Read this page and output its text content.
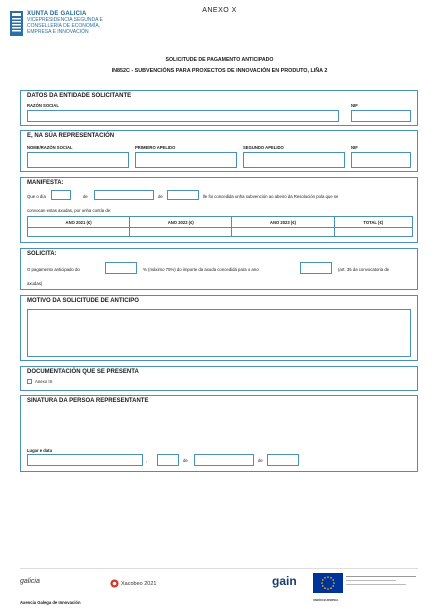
XUNTA DE GALICIA
VICEPRESIDENCIA SEGUNDA E
CONSELLERÍA DE ECONOMÍA,
EMPRESA E INNOVACIÓN
ANEXO X
SOLICITUDE DE PAGAMENTO ANTICIPADO
IN852C - SUBVENCIÓNS PARA PROXECTOS DE INNOVACIÓN EN PRODUTO, LIÑA 2
DATOS DA ENTIDADE SOLICITANTE
RAZÓN SOCIAL	NIF
E, NA SÚA REPRESENTACIÓN
NOME/RAZÓN SOCIAL	PRIMEIRO APELIDO	SEGUNDO APELIDO	NIF
MANIFESTA:
Que o día	de	de	lle foi concedida unha subvención ao abeiro da Resolución pola que se
convocan estas axudas, por unha contía de:
ANO 2021 (€)	ANO 2022 (€)	ANO 2023 (€)	TOTAL (€)

SOLICITA:
O pagamento anticipado do	% (máximo 75%) do importe da axuda concedida para o ano	(art. 35 da convocatoria de
axudas)
MOTIVO DA SOLICITUDE DE ANTICIPO
DOCUMENTACIÓN QUE SE PRESENTA
Anexo IX
SINATURA DA PERSOA REPRESENTANTE
Lugar e data
,	de	de
galicia	Xacobeo 2021	gain
UNIÓN EUROPEA
Axencia Galega de Innovación
